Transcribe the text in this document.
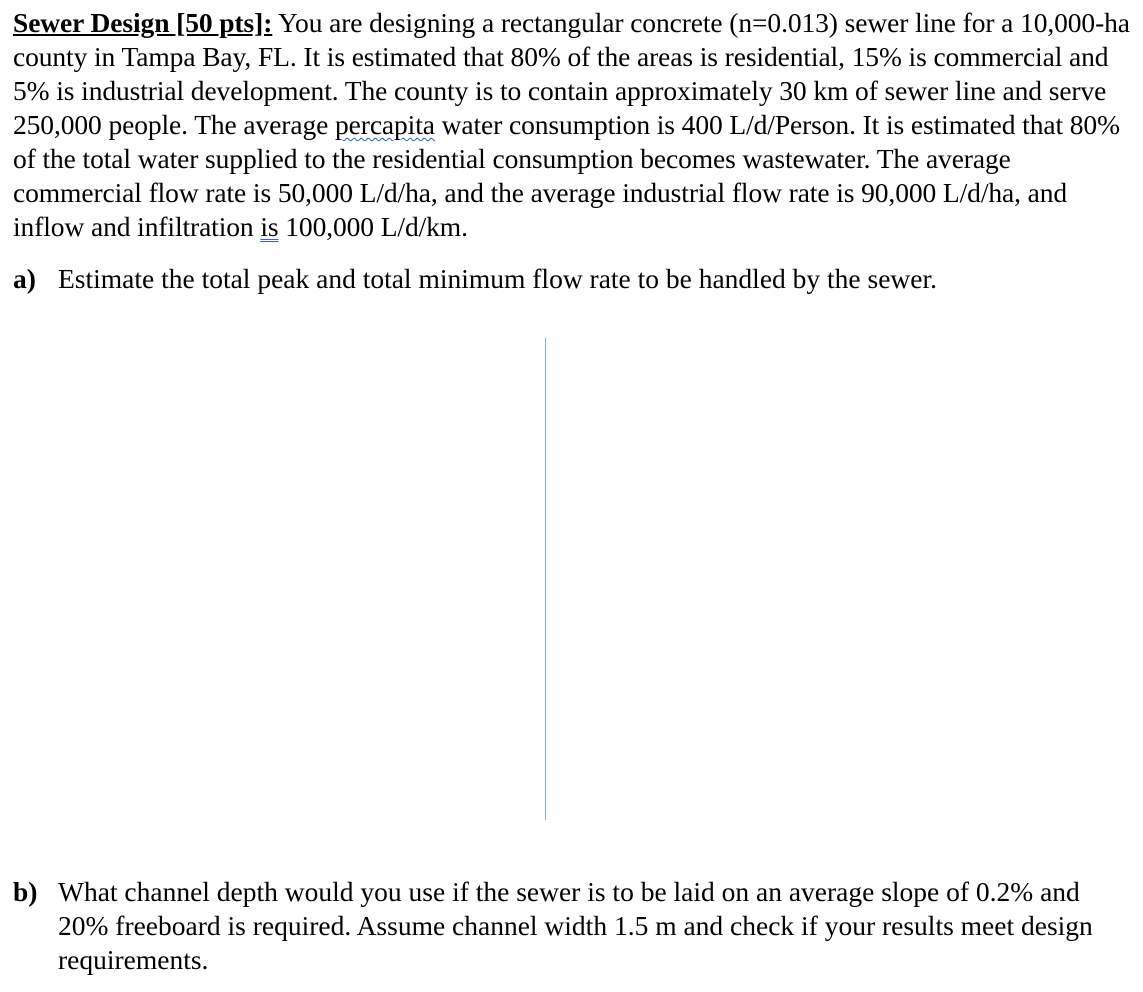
Sewer Design [50 pts]: You are designing a rectangular concrete (n=0.013) sewer line for a 10,000-ha county in Tampa Bay, FL. It is estimated that 80% of the areas is residential, 15% is commercial and 5% is industrial development. The county is to contain approximately 30 km of sewer line and serve 250,000 people. The average percapita water consumption is 400 L/d/Person. It is estimated that 80% of the total water supplied to the residential consumption becomes wastewater. The average commercial flow rate is 50,000 L/d/ha, and the average industrial flow rate is 90,000 L/d/ha, and inflow and infiltration is 100,000 L/d/km.

a) Estimate the total peak and total minimum flow rate to be handled by the sewer.
b) What channel depth would you use if the sewer is to be laid on an average slope of 0.2% and 20% freeboard is required. Assume channel width 1.5 m and check if your results meet design requirements.
